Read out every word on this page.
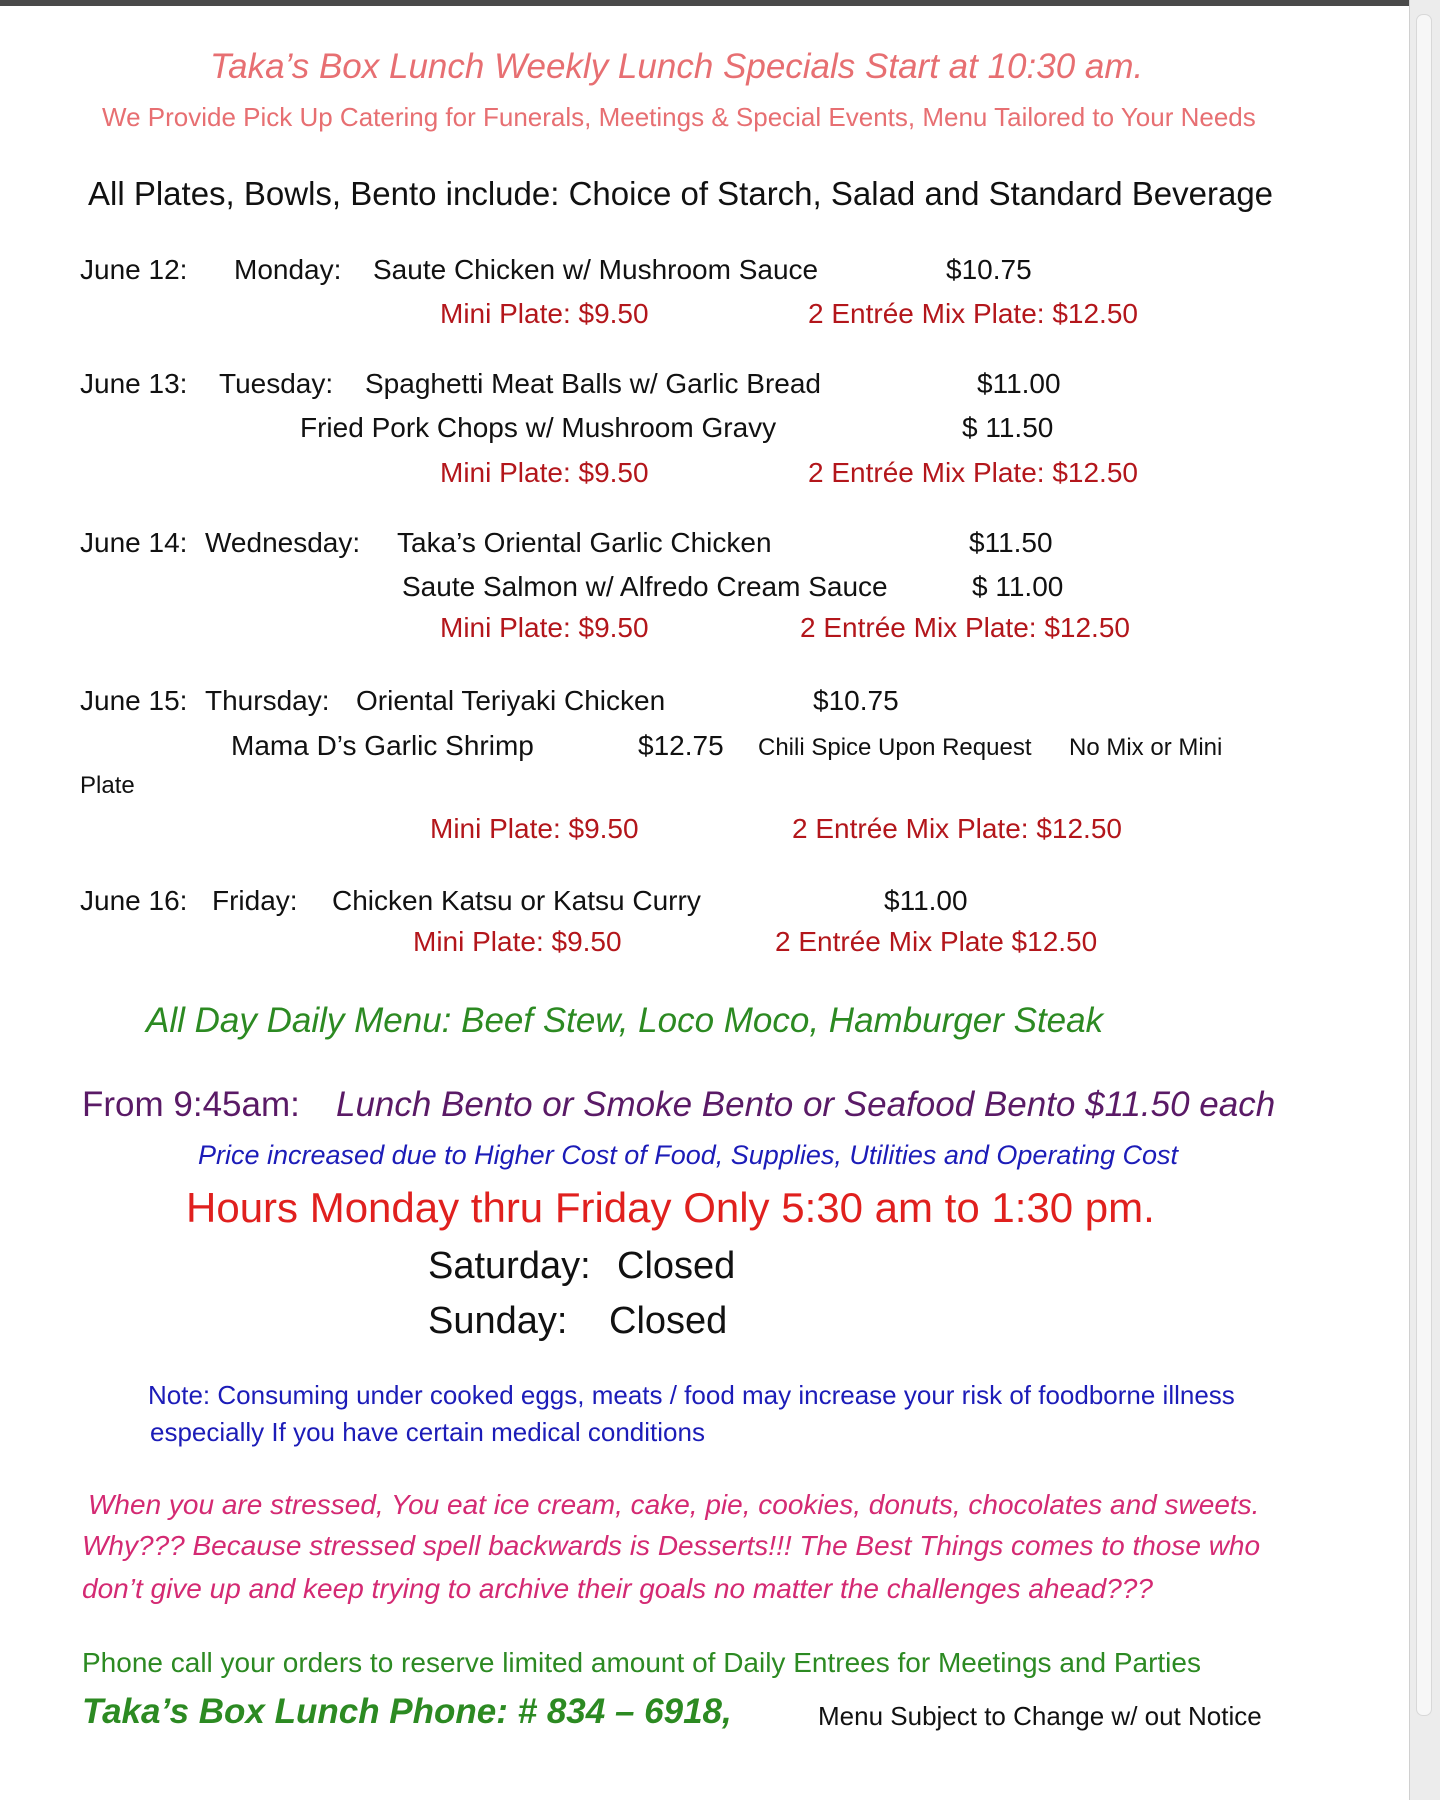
Taka’s Box Lunch Weekly Lunch Specials Start at 10:30 am.
We Provide Pick Up Catering for Funerals, Meetings & Special Events, Menu Tailored to Your Needs
All Plates, Bowls, Bento include: Choice of Starch, Salad and Standard Beverage
June 12: Monday: Saute Chicken w/ Mushroom Sauce	$10.75
Mini Plate: $9.50	2 Entrée Mix Plate: $12.50
June 13: Tuesday: Spaghetti Meat Balls w/ Garlic Bread	$11.00
Fried Pork Chops w/ Mushroom Gravy	$ 11.50
Mini Plate: $9.50	2 Entrée Mix Plate: $12.50
June 14: Wednesday: Taka’s Oriental Garlic Chicken	$11.50
Saute Salmon w/ Alfredo Cream Sauce	$ 11.00
Mini Plate: $9.50	2 Entrée Mix Plate: $12.50
June 15: Thursday: Oriental Teriyaki Chicken	$10.75
Mama D’s Garlic Shrimp	$12.75 Chili Spice Upon Request No Mix or Mini
Plate
Mini Plate: $9.50	2 Entrée Mix Plate: $12.50
June 16: Friday: Chicken Katsu or Katsu Curry	$11.00
Mini Plate: $9.50	2 Entrée Mix Plate $12.50
All Day Daily Menu: Beef Stew, Loco Moco, Hamburger Steak
From 9:45am: Lunch Bento or Smoke Bento or Seafood Bento $11.50 each
Price increased due to Higher Cost of Food, Supplies, Utilities and Operating Cost
Hours Monday thru Friday Only 5:30 am to 1:30 pm.
Saturday: Closed
Sunday: Closed
Note: Consuming under cooked eggs, meats / food may increase your risk of foodborne illness
especially If you have certain medical conditions
When you are stressed, You eat ice cream, cake, pie, cookies, donuts, chocolates and sweets.
Why??? Because stressed spell backwards is Desserts!!! The Best Things comes to those who
don’t give up and keep trying to archive their goals no matter the challenges ahead???
Phone call your orders to reserve limited amount of Daily Entrees for Meetings and Parties
Taka’s Box Lunch Phone: # 834 – 6918,	Menu Subject to Change w/ out Notice
